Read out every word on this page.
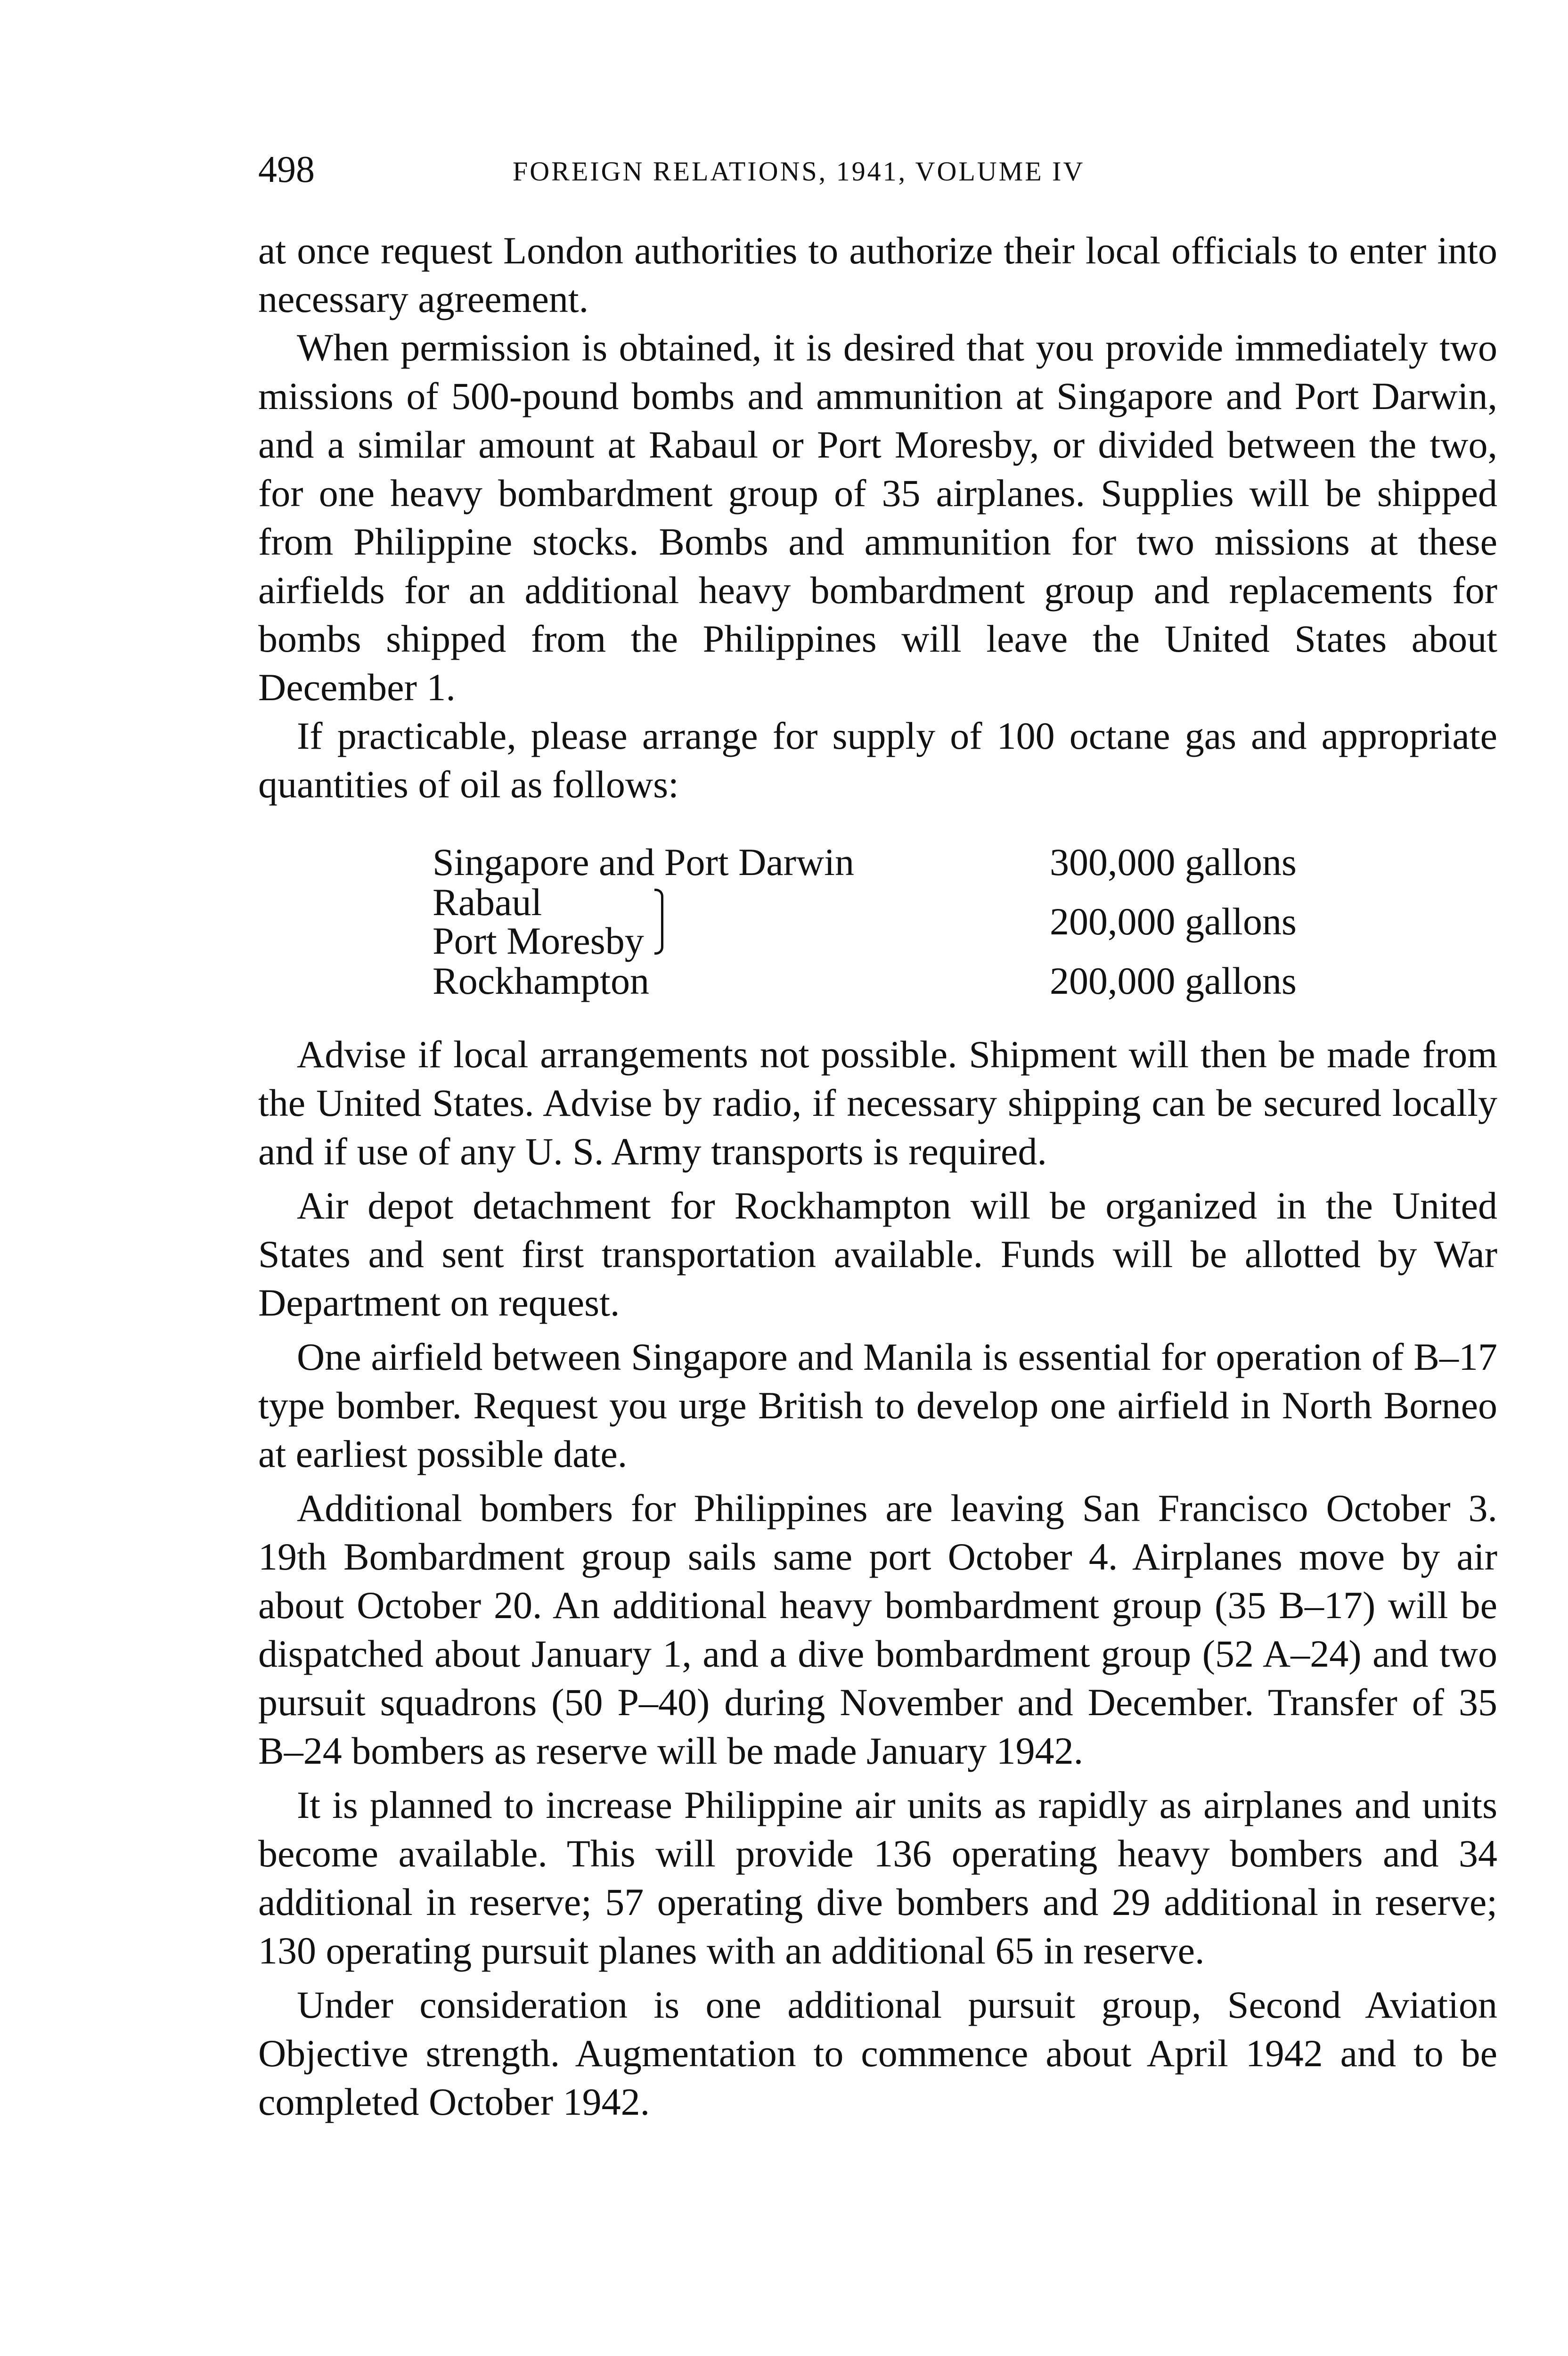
498	FOREIGN RELATIONS, 1941, VOLUME IV

at once request London authorities to authorize their local officials to enter into necessary agreement.

When permission is obtained, it is desired that you provide immediately two missions of 500-pound bombs and ammunition at Singapore and Port Darwin, and a similar amount at Rabaul or Port Moresby, or divided between the two, for one heavy bombardment group of 35 airplanes. Supplies will be shipped from Philippine stocks. Bombs and ammunition for two missions at these airfields for an additional heavy bombardment group and replacements for bombs shipped from the Philippines will leave the United States about December 1.

If practicable, please arrange for supply of 100 octane gas and appropriate quantities of oil as follows:

Singapore and Port Darwin	300,000 gallons

Rabaul
Port Moresby	200,000 gallons
Rockhampton	200,000 gallons

Advise if local arrangements not possible. Shipment will then be made from the United States. Advise by radio, if necessary shipping can be secured locally and if use of any U. S. Army transports is required.

Air depot detachment for Rockhampton will be organized in the United States and sent first transportation available. Funds will be allotted by War Department on request.

One airfield between Singapore and Manila is essential for operation of B–17 type bomber. Request you urge British to develop one airfield in North Borneo at earliest possible date.

Additional bombers for Philippines are leaving San Francisco October 3. 19th Bombardment group sails same port October 4. Airplanes move by air about October 20. An additional heavy bombardment group (35 B–17) will be dispatched about January 1, and a dive bombardment group (52 A–24) and two pursuit squadrons (50 P–40) during November and December. Transfer of 35 B–24 bombers as reserve will be made January 1942.

It is planned to increase Philippine air units as rapidly as airplanes and units become available. This will provide 136 operating heavy bombers and 34 additional in reserve; 57 operating dive bombers and 29 additional in reserve; 130 operating pursuit planes with an additional 65 in reserve.

Under consideration is one additional pursuit group, Second Aviation Objective strength. Augmentation to commence about April 1942 and to be completed October 1942.
